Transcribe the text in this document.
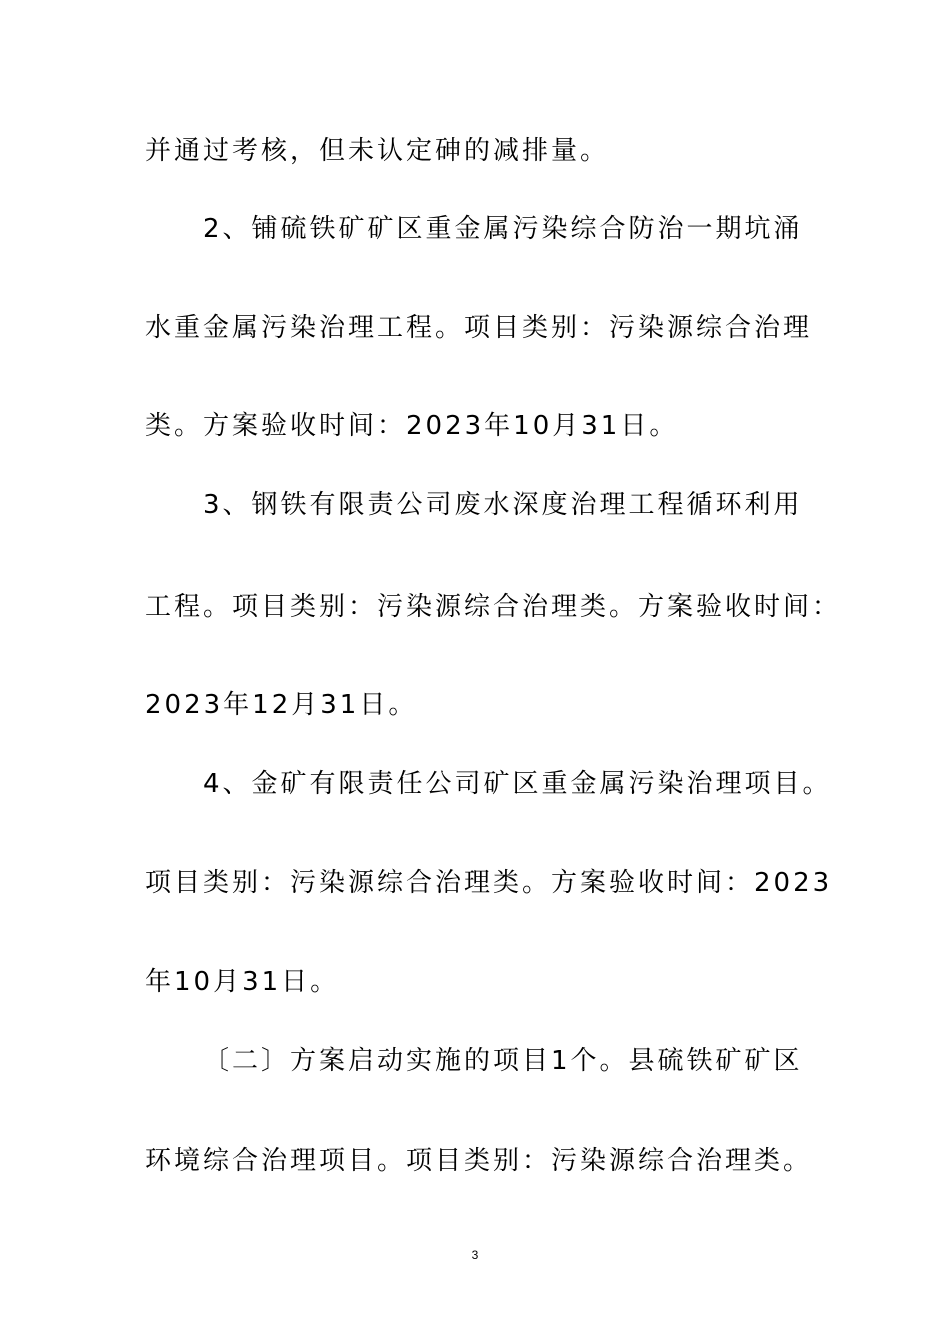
并通过考核，但未认定砷的减排量。
2、铺硫铁矿矿区重金属污染综合防治一期坑涌
水重金属污染治理工程。项目类别：污染源综合治理
类。方案验收时间：2023年10月31日。
3、钢铁有限责公司废水深度治理工程循环利用
工程。项目类别：污染源综合治理类。方案验收时间：
2023年12月31日。
4、金矿有限责任公司矿区重金属污染治理项目。
项目类别：污染源综合治理类。方案验收时间：2023
年10月31日。
〔二〕方案启动实施的项目1个。县硫铁矿矿区
环境综合治理项目。项目类别：污染源综合治理类。
3
